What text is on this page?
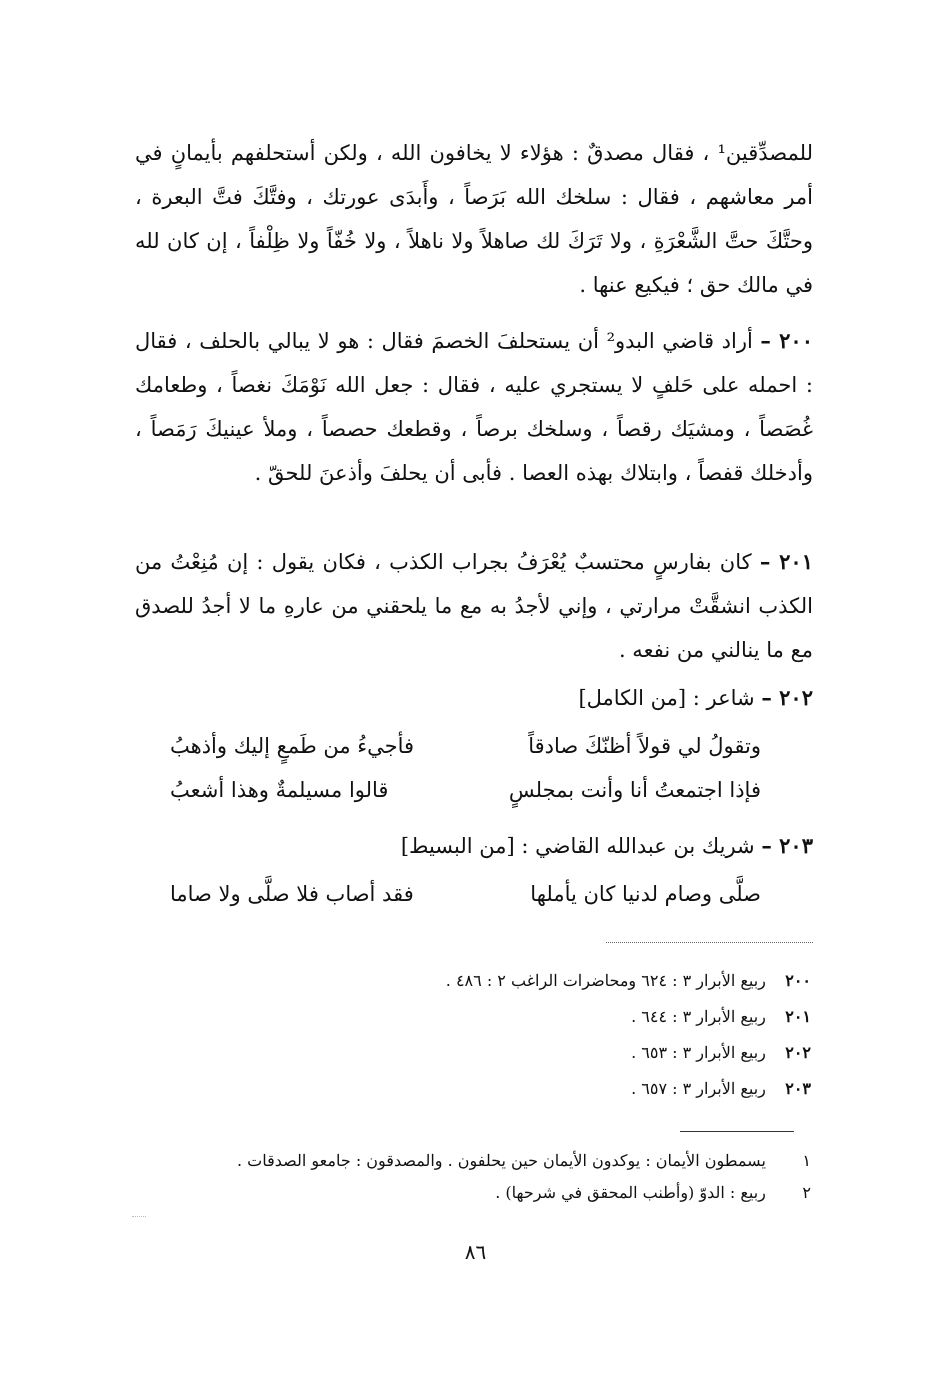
للمصدِّقين¹ ، فقال مصدقٌ : هؤلاء لا يخافون الله ، ولكن أستحلفهم بأيمانٍ في أمر معاشهم ، فقال : سلخك الله بَرَصاً ، وأَبدَى عورتك ، وفتَّكَ فتَّ البعرة ، وحتَّكَ حتَّ الشَّعْرَةِ ، ولا تَرَكَ لك صاهلاً ولا ناهلاً ، ولا خُفّاً ولا ظِلْفاً ، إن كان لله في مالك حق ؛ فيكيع عنها .

٢٠٠ – أراد قاضي البدو² أن يستحلفَ الخصمَ فقال : هو لا يبالي بالحلف ، فقال : احمله على حَلفٍ لا يستجري عليه ، فقال : جعل الله نَوْمَكَ نغصاً ، وطعامك غُصَصاً ، ومشيَك رقصاً ، وسلخك برصاً ، وقطعك حصصاً ، وملأ عينيكَ رَمَصاً ، وأدخلك قفصاً ، وابتلاك بهذه العصا . فأبى أن يحلفَ وأذعنَ للحقّ .

٢٠١ – كان بفارسٍ محتسبٌ يُعْرَفُ بجراب الكذب ، فكان يقول : إن مُنِعْتُ من الكذب انشقَّتْ مرارتي ، وإني لأجدُ به مع ما يلحقني من عارهِ ما لا أجدُ للصدق مع ما ينالني من نفعه .

٢٠٢ – شاعر : [من الكامل]
وتقولُ لي قولاً أظنّكَ صادقاً
فأجيءُ من طَمعٍ إليك وأذهبُ
فإذا اجتمعتُ أنا وأنت بمجلسٍ
قالوا مسيلمةٌ وهذا أشعبُ
٢٠٣ – شريك بن عبدالله القاضي : [من البسيط]
صلَّى وصام لدنيا كان يأملها
فقد أصاب فلا صلَّى ولا صاما
٢٠٠ ربيع الأبرار ٣ : ٦٢٤ ومحاضرات الراغب ٢ : ٤٨٦ .
٢٠١ ربيع الأبرار ٣ : ٦٤٤ .
٢٠٢ ربيع الأبرار ٣ : ٦٥٣ .
٢٠٣ ربيع الأبرار ٣ : ٦٥٧ .
١ يسمطون الأيمان : يوكدون الأيمان حين يحلفون . والمصدقون : جامعو الصدقات .
٢ ربيع : الدوّ (وأطنب المحقق في شرحها) .
٨٦
